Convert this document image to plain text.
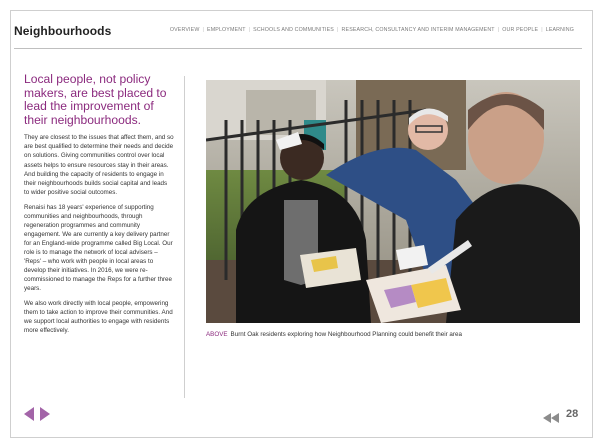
Neighbourhoods	OVERVIEW | EMPLOYMENT | SCHOOLS AND COMMUNITIES | RESEARCH, CONSULTANCY AND INTERIM MANAGEMENT | OUR PEOPLE | LEARNING

Local people, not policy makers, are best placed to lead the improvement of their neighbourhoods.

They are closest to the issues that affect them, and so are best qualified to determine their needs and decide on solutions. Giving communities control over local assets helps to ensure resources stay in their areas. And building the capacity of residents to engage in their neighbourhoods builds social capital and leads to wider positive social outcomes.

Renaisi has 18 years' experience of supporting communities and neighbourhoods, through regeneration programmes and community engagement. We are currently a key delivery partner for an England-wide programme called Big Local. Our role is to manage the network of local advisers – 'Reps' – who work with people in local areas to develop their initiatives. In 2016, we were re-commissioned to manage the Reps for a further three years.

We also work directly with local people, empowering them to take action to improve their communities. And we support local authorities to engage with residents more effectively.

ABOVE Burnt Oak residents exploring how Neighbourhood Planning could benefit their area
28
